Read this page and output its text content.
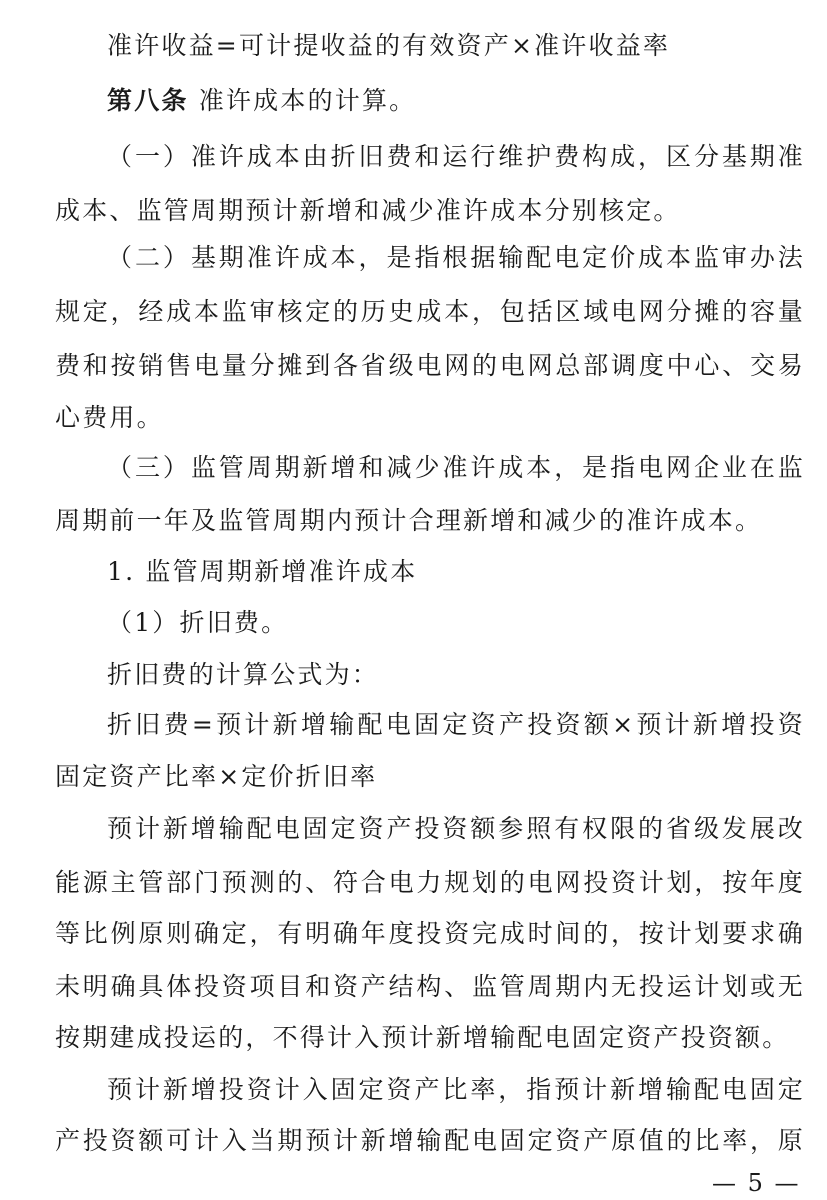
准许收益=可计提收益的有效资产×准许收益率
第八条 准许成本的计算。
（一）准许成本由折旧费和运行维护费构成，区分基期准
成本、监管周期预计新增和减少准许成本分别核定。
（二）基期准许成本，是指根据输配电定价成本监审办法
规定，经成本监审核定的历史成本，包括区域电网分摊的容量
费和按销售电量分摊到各省级电网的电网总部调度中心、交易
心费用。
（三）监管周期新增和减少准许成本，是指电网企业在监
周期前一年及监管周期内预计合理新增和减少的准许成本。
1. 监管周期新增准许成本
（1）折旧费。
折旧费的计算公式为：
折旧费=预计新增输配电固定资产投资额×预计新增投资
固定资产比率×定价折旧率
预计新增输配电固定资产投资额参照有权限的省级发展改
能源主管部门预测的、符合电力规划的电网投资计划，按年度
等比例原则确定，有明确年度投资完成时间的，按计划要求确
未明确具体投资项目和资产结构、监管周期内无投运计划或无
按期建成投运的，不得计入预计新增输配电固定资产投资额。
预计新增投资计入固定资产比率，指预计新增输配电固定
产投资额可计入当期预计新增输配电固定资产原值的比率，原
— 5 —
